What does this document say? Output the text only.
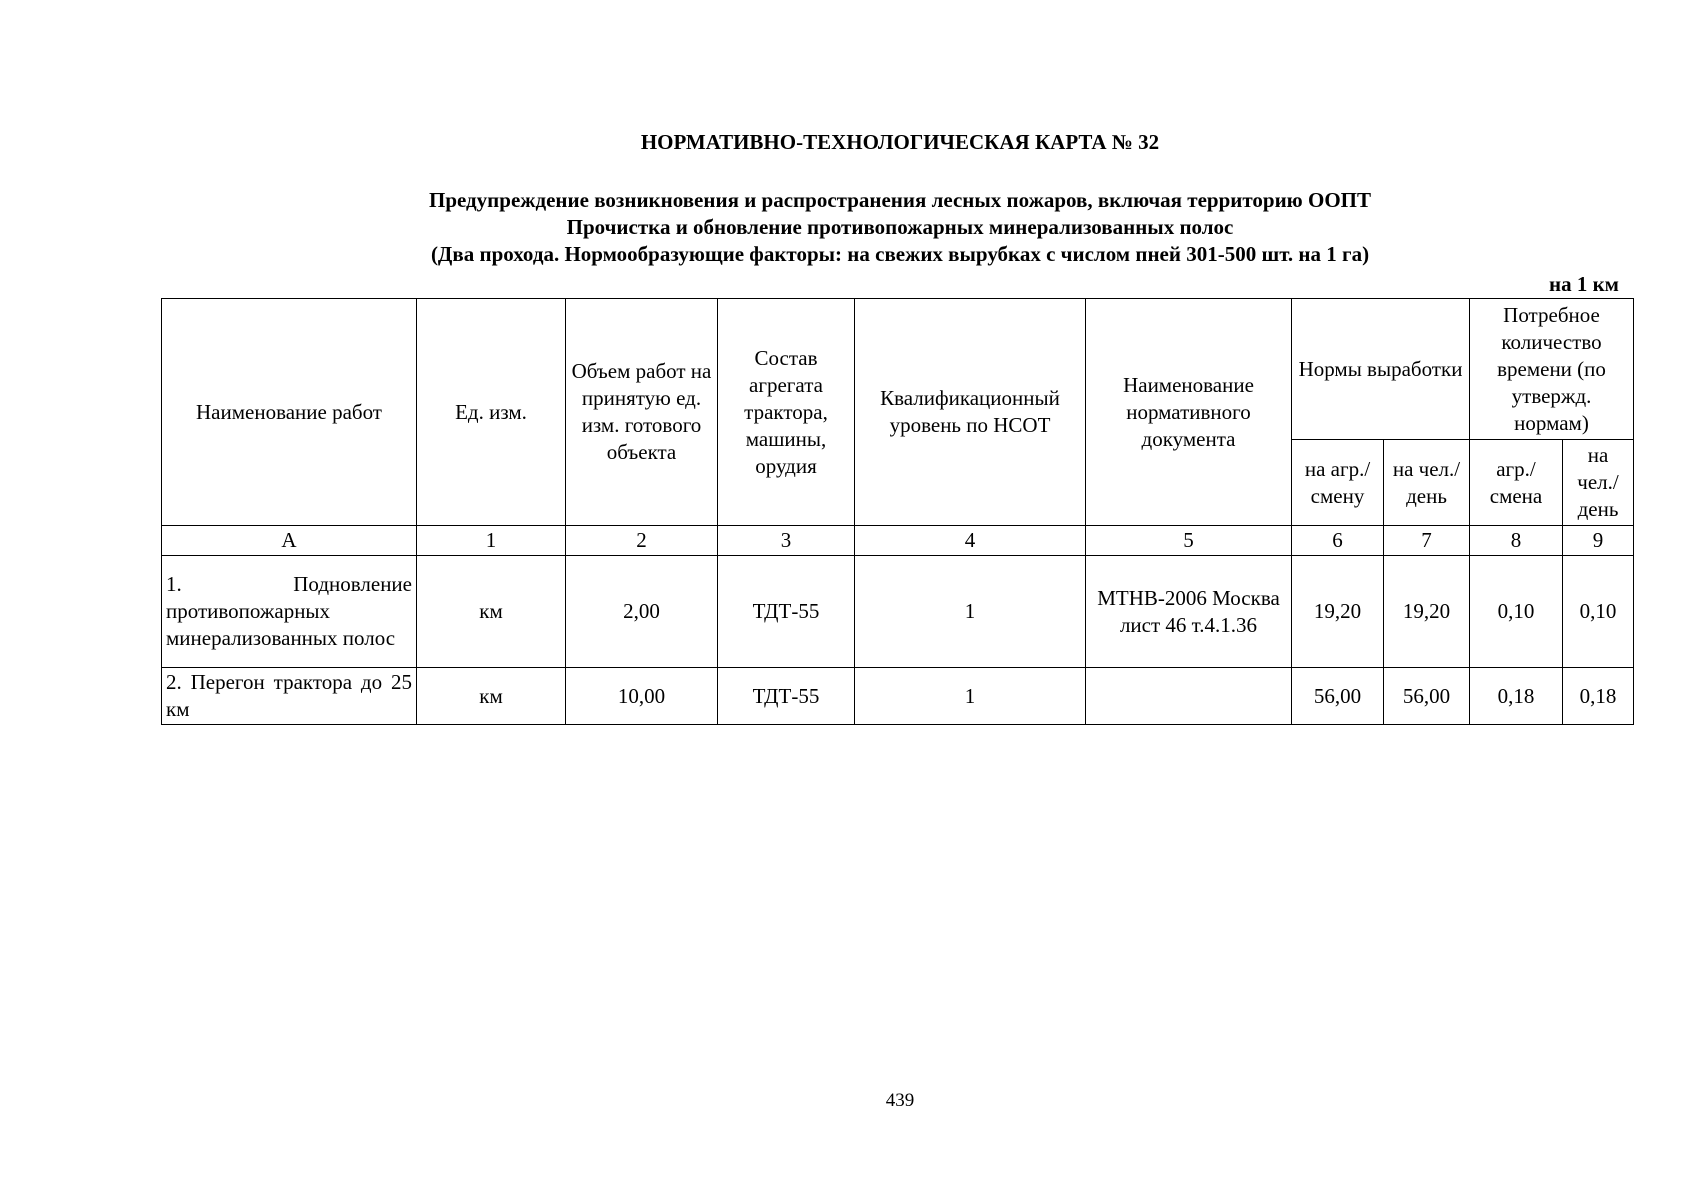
НОРМАТИВНО-ТЕХНОЛОГИЧЕСКАЯ КАРТА № 32
Предупреждение возникновения и распространения лесных пожаров, включая территорию ООПТ
Прочистка и обновление противопожарных минерализованных полос
(Два прохода. Нормообразующие факторы: на свежих вырубках с числом пней 301-500 шт. на 1 га)
на 1 км
Наименование работ	Ед. изм.	Объем работ на принятую ед. изм. готового объекта	Состав агрегата трактора, машины, орудия	Квалификационный уровень по НСОТ	Наименование нормативного документа	Нормы выработки		Потребное количество времени (по утвержд. нормам)	
						на агр./ смену	на чел./ день	агр./ смена	на чел./ день
А	1	2	3	4	5	6	7	8	9
1. Подновление противопожарных минерализованных полос	км	2,00	ТДТ-55	1	МТНВ-2006 Москва лист 46 т.4.1.36	19,20	19,20	0,10	0,10
2. Перегон трактора до 25 км	км	10,00	ТДТ-55	1		56,00	56,00	0,18	0,18
439
